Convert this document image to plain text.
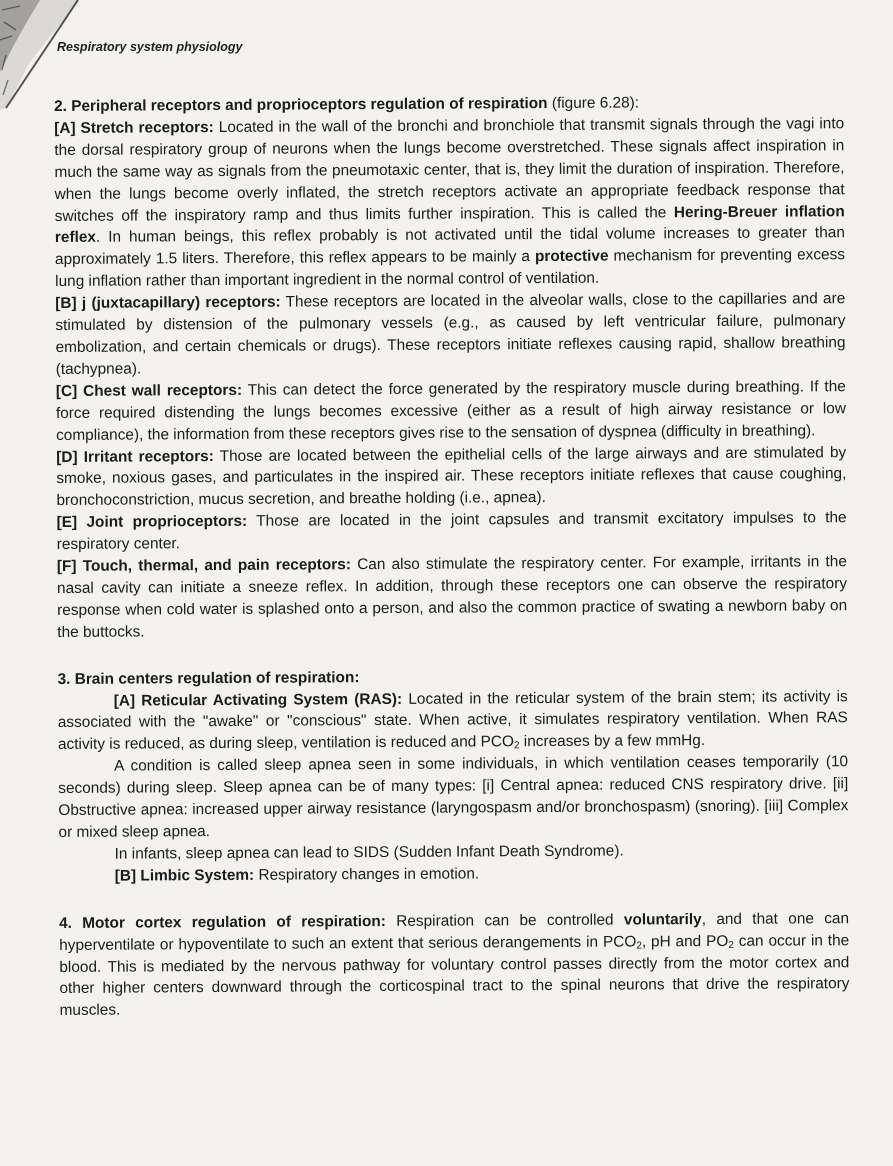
Respiratory system physiology

2. Peripheral receptors and proprioceptors regulation of respiration (figure 6.28):

[A] Stretch receptors: Located in the wall of the bronchi and bronchiole that transmit signals through the vagi into the dorsal respiratory group of neurons when the lungs become overstretched. These signals affect inspiration in much the same way as signals from the pneumotaxic center, that is, they limit the duration of inspiration. Therefore, when the lungs become overly inflated, the stretch receptors activate an appropriate feedback response that switches off the inspiratory ramp and thus limits further inspiration. This is called the Hering-Breuer inflation reflex. In human beings, this reflex probably is not activated until the tidal volume increases to greater than approximately 1.5 liters. Therefore, this reflex appears to be mainly a protective mechanism for preventing excess lung inflation rather than important ingredient in the normal control of ventilation.

[B] j (juxtacapillary) receptors: These receptors are located in the alveolar walls, close to the capillaries and are stimulated by distension of the pulmonary vessels (e.g., as caused by left ventricular failure, pulmonary embolization, and certain chemicals or drugs). These receptors initiate reflexes causing rapid, shallow breathing (tachypnea).

[C] Chest wall receptors: This can detect the force generated by the respiratory muscle during breathing. If the force required distending the lungs becomes excessive (either as a result of high airway resistance or low compliance), the information from these receptors gives rise to the sensation of dyspnea (difficulty in breathing).

[D] Irritant receptors: Those are located between the epithelial cells of the large airways and are stimulated by smoke, noxious gases, and particulates in the inspired air. These receptors initiate reflexes that cause coughing, bronchoconstriction, mucus secretion, and breathe holding (i.e., apnea).

[E] Joint proprioceptors: Those are located in the joint capsules and transmit excitatory impulses to the respiratory center.

[F] Touch, thermal, and pain receptors: Can also stimulate the respiratory center. For example, irritants in the nasal cavity can initiate a sneeze reflex. In addition, through these receptors one can observe the respiratory response when cold water is splashed onto a person, and also the common practice of swating a newborn baby on the buttocks.

3. Brain centers regulation of respiration:

[A] Reticular Activating System (RAS): Located in the reticular system of the brain stem; its activity is associated with the "awake" or "conscious" state. When active, it simulates respiratory ventilation. When RAS activity is reduced, as during sleep, ventilation is reduced and $PCO_2$ increases by a few mmHg.

A condition is called sleep apnea seen in some individuals, in which ventilation ceases temporarily (10 seconds) during sleep. Sleep apnea can be of many types: [i] Central apnea: reduced CNS respiratory drive. [ii] Obstructive apnea: increased upper airway resistance (laryngospasm and/or bronchospasm) (snoring). [iii] Complex or mixed sleep apnea.

In infants, sleep apnea can lead to SIDS (Sudden Infant Death Syndrome).

[B] Limbic System: Respiratory changes in emotion.

4. Motor cortex regulation of respiration: Respiration can be controlled voluntarily, and that one can hyperventilate or hypoventilate to such an extent that serious derangements in $PCO_2$, pH and $PO_2$ can occur in the blood. This is mediated by the nervous pathway for voluntary control passes directly from the motor cortex and other higher centers downward through the corticospinal tract to the spinal neurons that drive the respiratory muscles.
